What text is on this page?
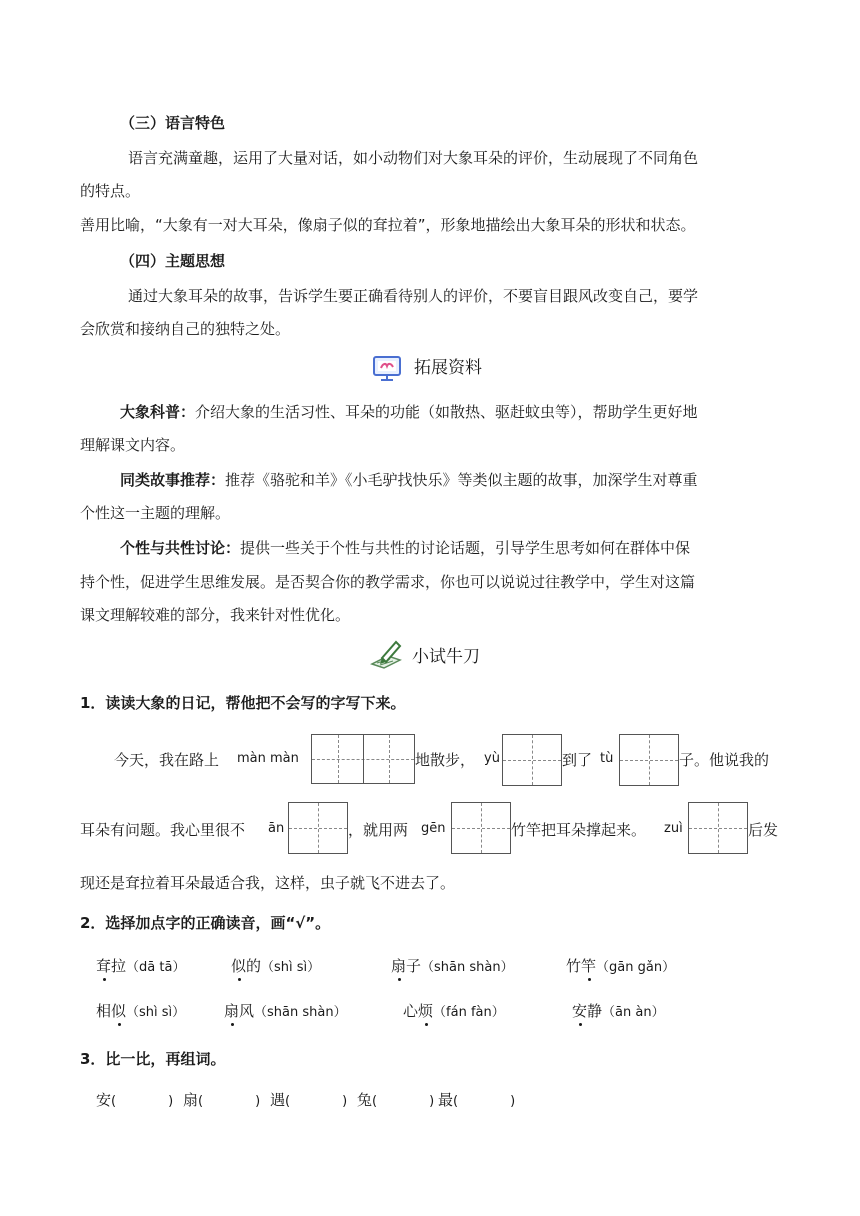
（三）语言特色
语言充满童趣，运用了大量对话，如小动物们对大象耳朵的评价，生动展现了不同角色
的特点。
善用比喻，“大象有一对大耳朵，像扇子似的耷拉着”，形象地描绘出大象耳朵的形状和状态。
（四）主题思想
通过大象耳朵的故事，告诉学生要正确看待别人的评价，不要盲目跟风改变自己，要学
会欣赏和接纳自己的独特之处。
拓展资料
大象科普：介绍大象的生活习性、耳朵的功能（如散热、驱赶蚊虫等），帮助学生更好地
理解课文内容。
同类故事推荐：推荐《骆驼和羊》《小毛驴找快乐》等类似主题的故事，加深学生对尊重
个性这一主题的理解。
个性与共性讨论：提供一些关于个性与共性的讨论话题，引导学生思考如何在群体中保
持个性，促进学生思维发展。是否契合你的教学需求，你也可以说说过往教学中，学生对这篇
课文理解较难的部分，我来针对性优化。
小试牛刀
1．读读大象的日记，帮他把不会写的字写下来。
今天，我在路上 màn màn	地散步， yù	到了 tù	子。他说我的
耳朵有问题。我心里很不 ān	，就用两 gēn	竹竿把耳朵撑起来。 zuì	后发
现还是耷拉着耳朵最适合我，这样，虫子就飞不进去了。
2．选择加点字的正确读音，画“√”。
耷拉（dā tā）	似的（shì sì）	扇子（shān shàn）	竹竿（gān gǎn）
相似（shì sì）	扇风（shān shàn）	心烦（fán fàn）	安静（ān àn）
3．比一比，再组词。
安(	) 扇(	) 遇(	) 兔(	) 最(	)
